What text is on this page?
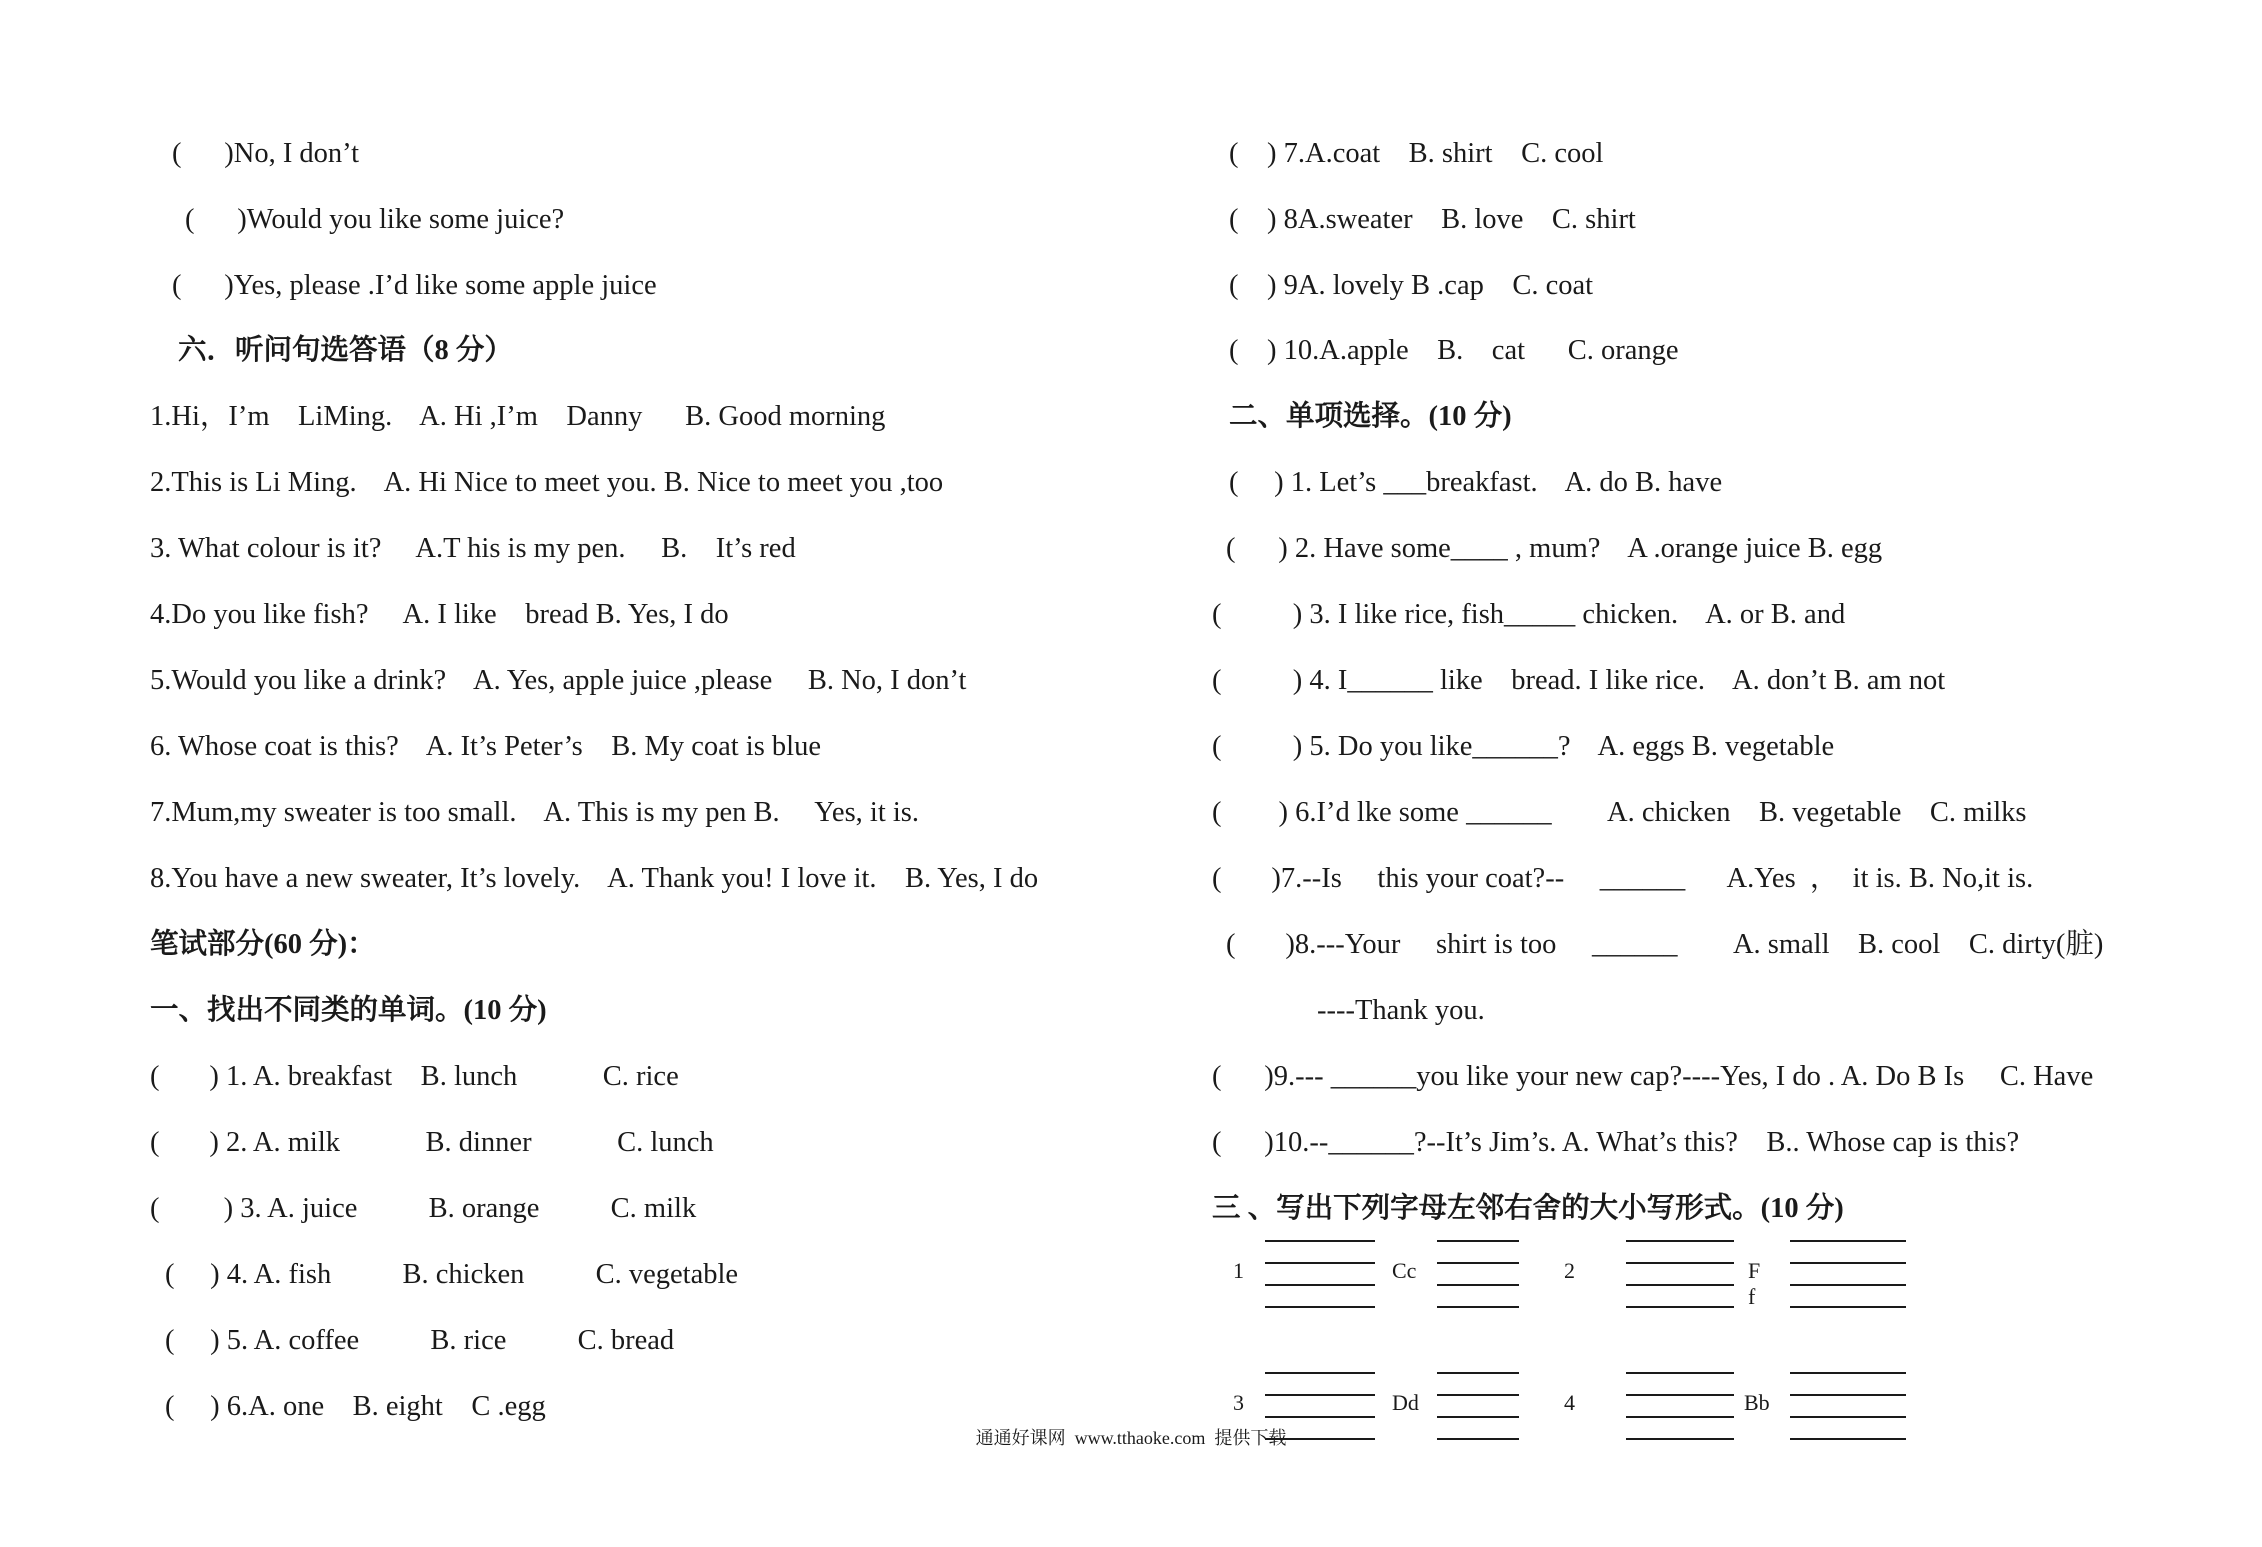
(      )No, I don’t
(      )Would you like some juice?
(      )Yes, please .I’d like some apple juice
六．听问句选答语（8 分）
1.Hi，I’m    LiMing.    A. Hi ,I’m    Danny      B. Good morning
2.This is Li Ming.    A. Hi Nice to meet you. B. Nice to meet you ,too
3. What colour is it?     A.T his is my pen.     B.    It’s red
4.Do you like fish?     A. I like    bread B. Yes, I do
5.Would you like a drink?    A. Yes, apple juice ,please     B. No, I don’t
6. Whose coat is this?    A. It’s Peter’s    B. My coat is blue
7.Mum,my sweater is too small.    A. This is my pen B.     Yes, it is.
8.You have a new sweater, It’s lovely.    A. Thank you! I love it.    B. Yes, I do
笔试部分(60 分)：
一、找出不同类的单词。(10 分)
(       ) 1. A. breakfast    B. lunch            C. rice
(       ) 2. A. milk            B. dinner            C. lunch
(         ) 3. A. juice          B. orange          C. milk
(     ) 4. A. fish          B. chicken          C. vegetable
(     ) 5. A. coffee          B. rice          C. bread
(     ) 6.A. one    B. eight    C .egg
(    ) 7.A.coat    B. shirt    C. cool
(    ) 8A.sweater    B. love    C. shirt
(    ) 9A. lovely B .cap    C. coat
(    ) 10.A.apple    B.    cat      C. orange
二、单项选择。(10 分)
(     ) 1. Let’s ___breakfast.    A. do B. have
(      ) 2. Have some____ , mum?    A .orange juice B. egg
(          ) 3. I like rice, fish_____ chicken.    A. or B. and
(          ) 4. I______ like    bread. I like rice.    A. don’t B. am not
(          ) 5. Do you like______?    A. eggs B. vegetable
(        ) 6.I’d lke some ______        A. chicken    B. vegetable    C. milks
(       )7.--Is     this your coat?--     ______      A.Yes  ，  it is. B. No,it is.
(       )8.---Your     shirt is too     ______        A. small    B. cool    C. dirty(脏)
----Thank you.
(      )9.--- ______you like your new cap?----Yes, I do . A. Do B Is     C. Have
(      )10.--______?--It’s Jim’s. A. What’s this?    B.. Whose cap is this?
三 、写出下列字母左邻右舍的大小写形式。(10 分)
1	Cc	2	F f
3	Dd	4	Bb
通通好课网  www.tthaoke.com  提供下载
